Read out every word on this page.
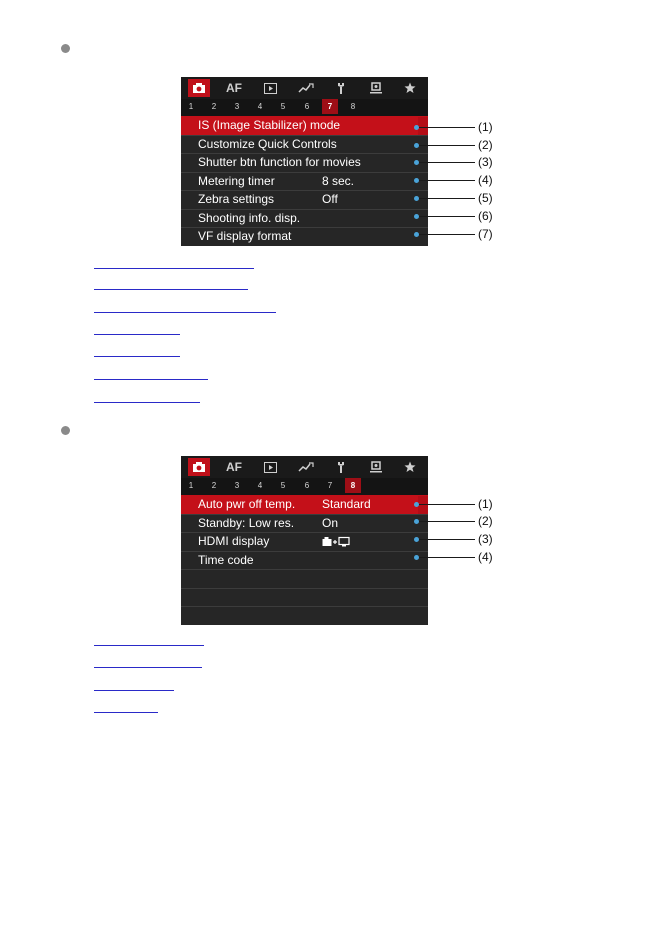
AF
1	2	3	4	5	6	7	8
IS (Image Stabilizer) mode
Customize Quick Controls
Shutter btn function for movies
Metering timer	8 sec.
Zebra settings	Off
Shooting info. disp.
VF display format
(1)
(2)
(3)
(4)
(5)
(6)
(7)
AF
1	2	3	4	5	6	7	8
Auto pwr off temp. Standard
Standby: Low res. On
HDMI display
Time code
(1)
(2)
(3)
(4)
